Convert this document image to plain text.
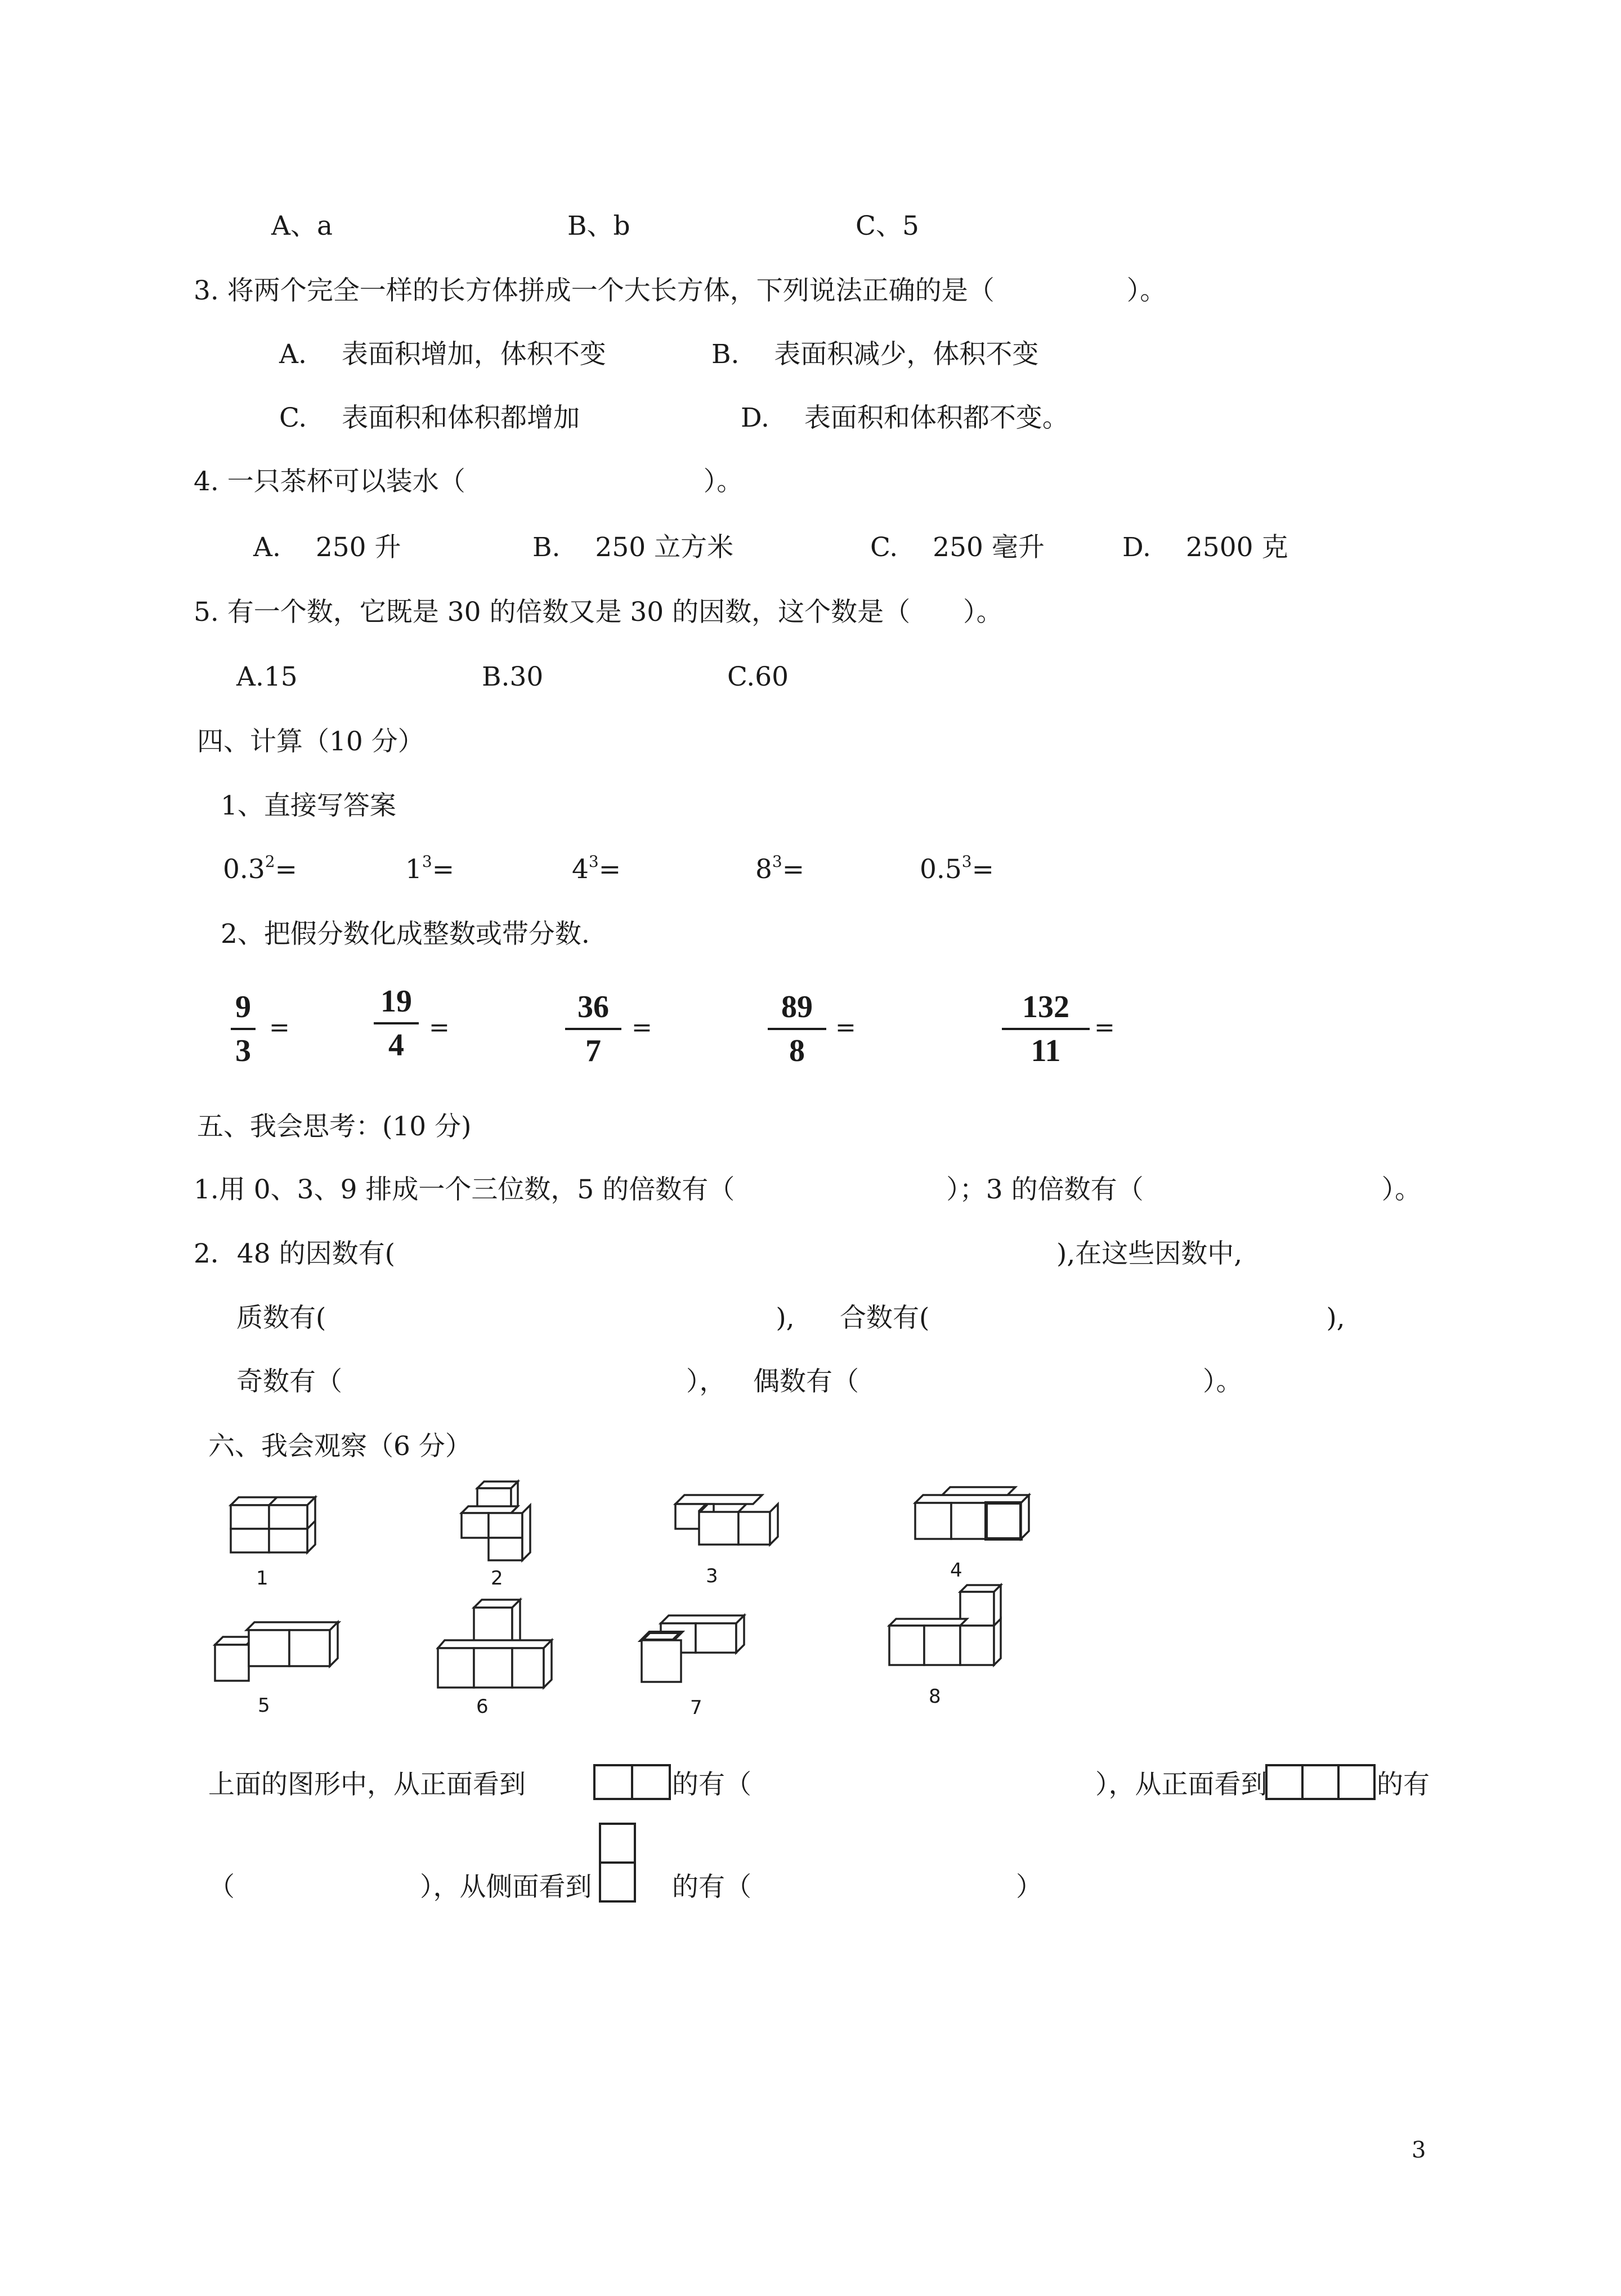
A、a	B、b	C、5
3. 将两个完全一样的长方体拼成一个大长方体，下列说法正确的是（　　　　　）。
A.　 表面积增加，体积不变	B.　 表面积减少，体积不变
C.　 表面积和体积都增加	D.　 表面积和体积都不变。
4. 一只茶杯可以装水（　　　　　　　　　）。
A.　 250 升	B.　 250 立方米	C.　 250 毫升	D.　 2500 克
5. 有一个数，它既是 30 的倍数又是 30 的因数，这个数是（　　）。
A.15	B.30	C.60
四、计算（10 分）
1、直接写答案
$0.3^2=$	$1^3=$	$4^3=$	$8^3=$	$0.5^3=$
2、把假分数化成整数或带分数.
9
3
=
19
4
=
36
7
=
89
8
=
132
11
=
五、我会思考：(10 分)
1.用 0、3、9 排成一个三位数，5 的倍数有（　　　　　　　　）；3 的倍数有（　　　　　　　　　）。
2．48 的因数有(　　　　　　　　　　　　　　　　　　　　　　　　　),在这些因数中,
质数有(　　　　　　　　　　　　　　　　　), 合数有(　　　　　　　　　　　　　　　),
奇数有（　　　　　　　　　　　　　）， 偶数有（　　　　　　　　　　　　　）。
六、我会观察（6 分）
1	2	3	4
5	6	7	8
上面的图形中，从正面看到	的有（　　　　　　　　　　　　　），从正面看到	的有
（　　　　　　　），从侧面看到	的有（　　　　　　　　　　）
3
